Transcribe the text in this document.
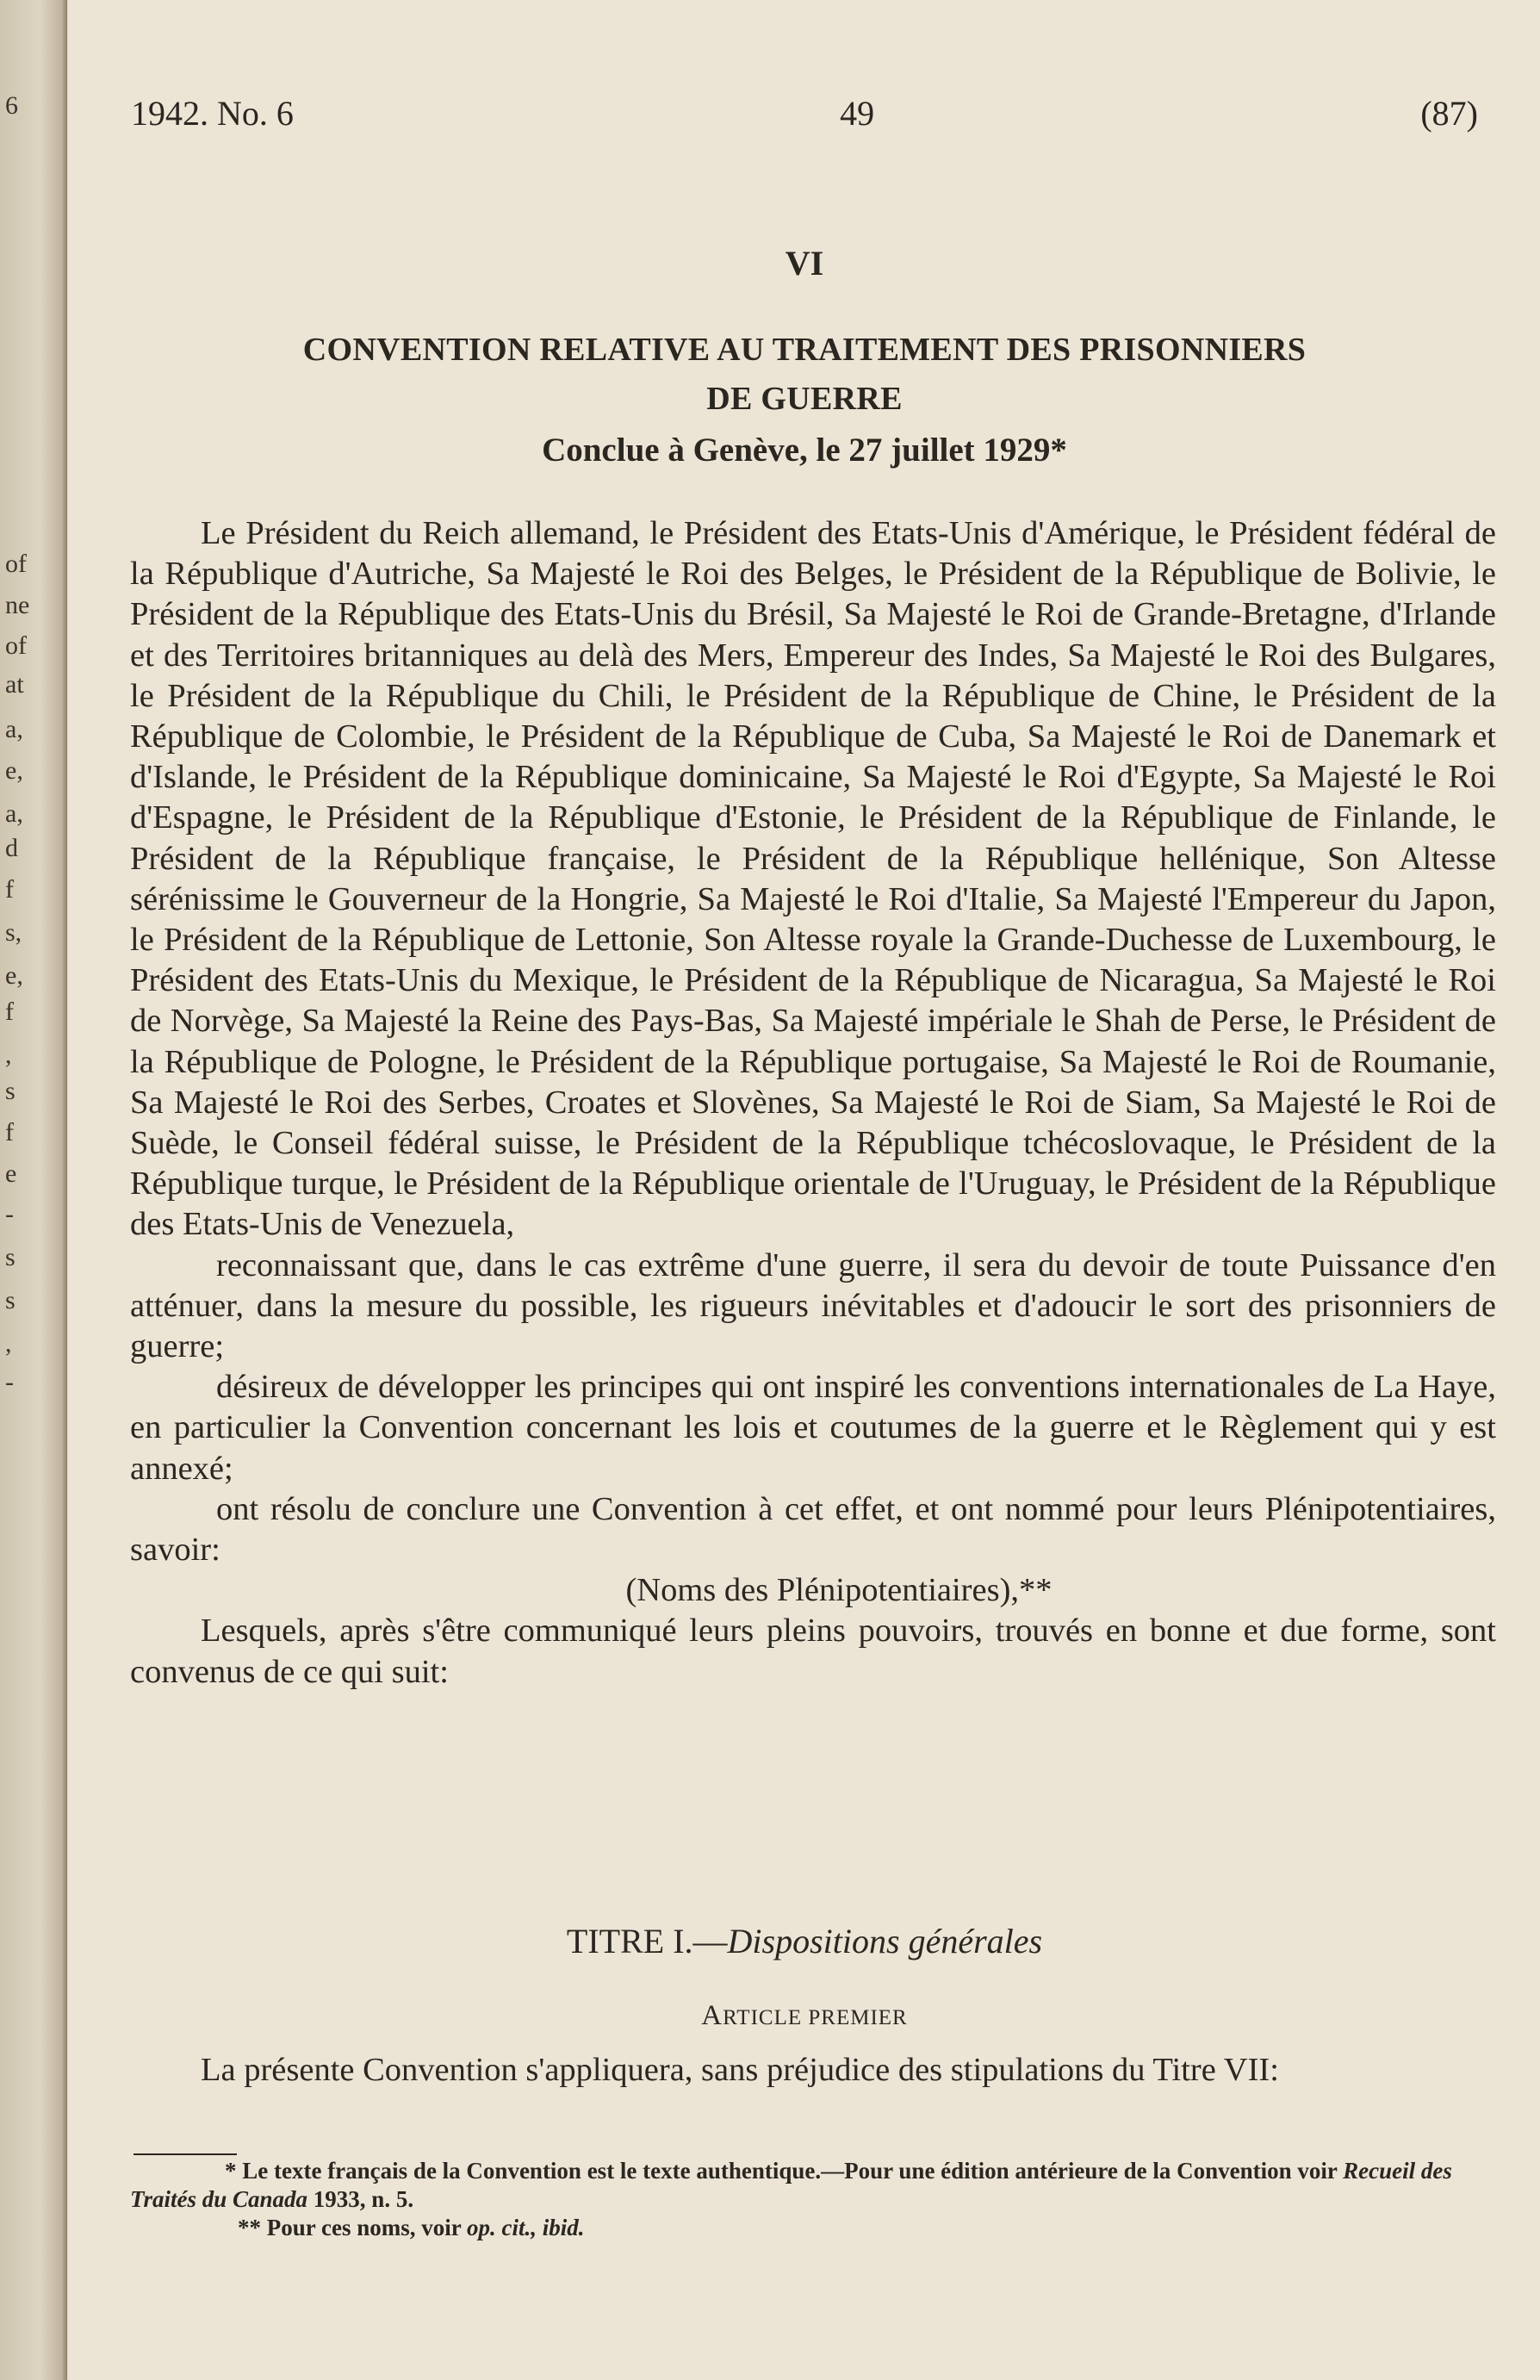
6
of
ne
of
at
a,
e,
a,
d
f
s,
e,
f
,
s
f
e
-
s
s
,
-
1942. No. 6	49	(87)
VI
CONVENTION RELATIVE AU TRAITEMENT DES PRISONNIERS
DE GUERRE
Conclue à Genève, le 27 juillet 1929*

Le Président du Reich allemand, le Président des Etats-Unis d'Amérique, le Président fédéral de la République d'Autriche, Sa Majesté le Roi des Belges, le Président de la République de Bolivie, le Président de la République des Etats-Unis du Brésil, Sa Majesté le Roi de Grande-Bretagne, d'Irlande et des Territoires britanniques au delà des Mers, Empereur des Indes, Sa Majesté le Roi des Bulgares, le Président de la République du Chili, le Président de la République de Chine, le Président de la République de Colombie, le Président de la République de Cuba, Sa Majesté le Roi de Danemark et d'Islande, le Président de la République dominicaine, Sa Majesté le Roi d'Egypte, Sa Majesté le Roi d'Espagne, le Président de la République d'Estonie, le Président de la République de Finlande, le Président de la République française, le Président de la République hellénique, Son Altesse sérénissime le Gouverneur de la Hongrie, Sa Majesté le Roi d'Italie, Sa Majesté l'Empereur du Japon, le Président de la République de Lettonie, Son Altesse royale la Grande-Duchesse de Luxembourg, le Président des Etats-Unis du Mexique, le Président de la République de Nicaragua, Sa Majesté le Roi de Norvège, Sa Majesté la Reine des Pays-Bas, Sa Majesté impériale le Shah de Perse, le Président de la République de Pologne, le Président de la République portugaise, Sa Majesté le Roi de Roumanie, Sa Majesté le Roi des Serbes, Croates et Slovènes, Sa Majesté le Roi de Siam, Sa Majesté le Roi de Suède, le Conseil fédéral suisse, le Président de la République tchécoslovaque, le Président de la République turque, le Président de la République orientale de l'Uruguay, le Président de la République des Etats-Unis de Venezuela,

reconnaissant que, dans le cas extrême d'une guerre, il sera du devoir de toute Puissance d'en atténuer, dans la mesure du possible, les rigueurs inévitables et d'adoucir le sort des prisonniers de guerre;

désireux de développer les principes qui ont inspiré les conventions internationales de La Haye, en particulier la Convention concernant les lois et coutumes de la guerre et le Règlement qui y est annexé;

ont résolu de conclure une Convention à cet effet, et ont nommé pour leurs Plénipotentiaires, savoir:

(Noms des Plénipotentiaires),**

Lesquels, après s'être communiqué leurs pleins pouvoirs, trouvés en bonne et due forme, sont convenus de ce qui suit:

TITRE I.—Dispositions générales
ARTICLE PREMIER

La présente Convention s'appliquera, sans préjudice des stipulations du Titre VII:

* Le texte français de la Convention est le texte authentique.—Pour une édition antérieure de la Convention voir Recueil des Traités du Canada 1933, n. 5.

** Pour ces noms, voir op. cit., ibid.
